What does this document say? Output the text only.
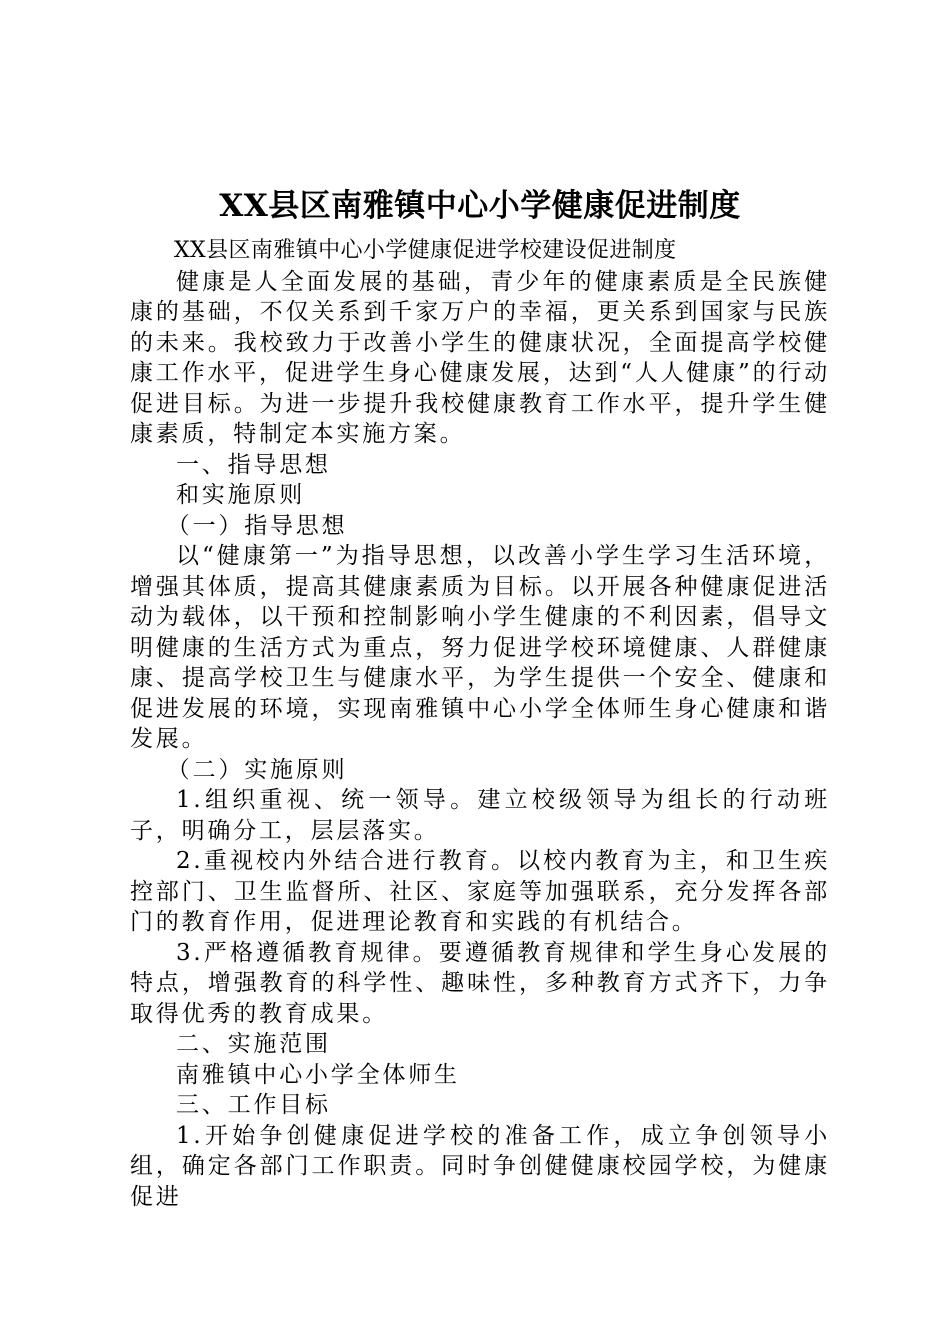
XX县区南雅镇中心小学健康促进制度

XX县区南雅镇中心小学健康促进学校建设促进制度

健康是人全面发展的基础，青少年的健康素质是全民族健康的基础，不仅关系到千家万户的幸福，更关系到国家与民族的未来。我校致力于改善小学生的健康状况，全面提高学校健康工作水平，促进学生身心健康发展，达到“人人健康”的行动促进目标。为进一步提升我校健康教育工作水平，提升学生健康素质，特制定本实施方案。

一、指导思想

和实施原则

（一）指导思想

以“健康第一”为指导思想，以改善小学生学习生活环境，增强其体质，提高其健康素质为目标。以开展各种健康促进活动为载体，以干预和控制影响小学生健康的不利因素，倡导文明健康的生活方式为重点，努力促进学校环境健康、人群健康康、提高学校卫生与健康水平，为学生提供一个安全、健康和促进发展的环境，实现南雅镇中心小学全体师生身心健康和谐发展。

（二）实施原则

1.组织重视、统一领导。建立校级领导为组长的行动班子，明确分工，层层落实。

2.重视校内外结合进行教育。以校内教育为主，和卫生疾控部门、卫生监督所、社区、家庭等加强联系，充分发挥各部门的教育作用，促进理论教育和实践的有机结合。

3.严格遵循教育规律。要遵循教育规律和学生身心发展的特点，增强教育的科学性、趣味性，多种教育方式齐下，力争取得优秀的教育成果。

二、实施范围

南雅镇中心小学全体师生

三、工作目标

1.开始争创健康促进学校的准备工作，成立争创领导小组，确定各部门工作职责。同时争创健健康校园学校，为健康促进
